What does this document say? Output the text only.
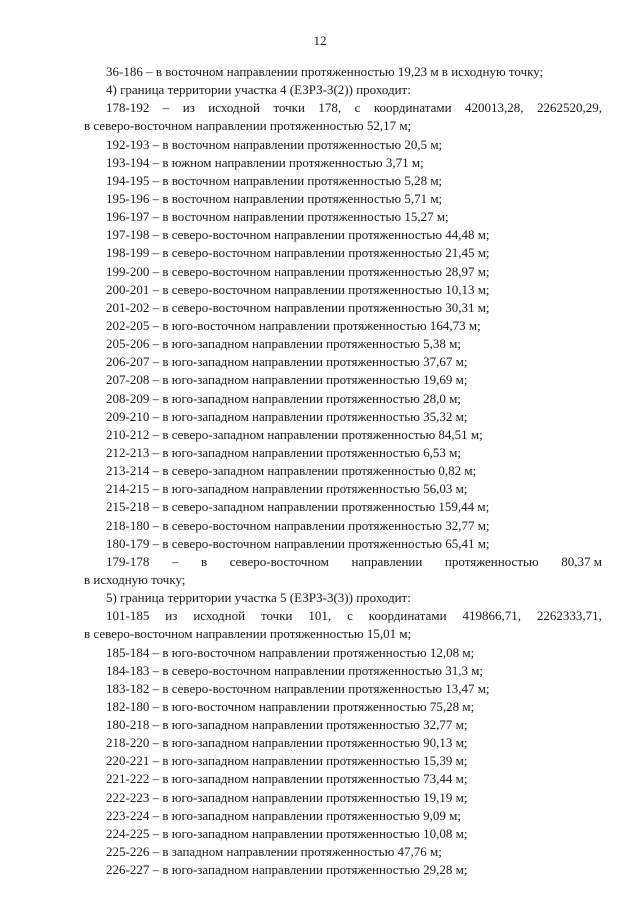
12
36-186 – в восточном направлении протяженностью 19,23 м в исходную точку;
4) граница территории участка 4 (ЕЗРЗ-3(2)) проходит:
178-192 – из исходной точки 178, с координатами 420013,28, 2262520,29,
в северо-восточном направлении протяженностью 52,17 м;
192-193 – в восточном направлении протяженностью 20,5 м;
193-194 – в южном направлении протяженностью 3,71 м;
194-195 – в восточном направлении протяженностью 5,28 м;
195-196 – в восточном направлении протяженностью 5,71 м;
196-197 – в восточном направлении протяженностью 15,27 м;
197-198 – в северо-восточном направлении протяженностью 44,48 м;
198-199 – в северо-восточном направлении протяженностью 21,45 м;
199-200 – в северо-восточном направлении протяженностью 28,97 м;
200-201 – в северо-восточном направлении протяженностью 10,13 м;
201-202 – в северо-восточном направлении протяженностью 30,31 м;
202-205 – в юго-восточном направлении протяженностью 164,73 м;
205-206 – в юго-западном направлении протяженностью 5,38 м;
206-207 – в юго-западном направлении протяженностью 37,67 м;
207-208 – в юго-западном направлении протяженностью 19,69 м;
208-209 – в юго-западном направлении протяженностью 28,0 м;
209-210 – в юго-западном направлении протяженностью 35,32 м;
210-212 – в северо-западном направлении протяженностью 84,51 м;
212-213 – в юго-западном направлении протяженностью 6,53 м;
213-214 – в северо-западном направлении протяженностью 0,82 м;
214-215 – в юго-западном направлении протяженностью 56,03 м;
215-218 – в северо-западном направлении протяженностью 159,44 м;
218-180 – в северо-восточном направлении протяженностью 32,77 м;
180-179 – в северо-восточном направлении протяженностью 65,41 м;
179-178 – в северо-восточном направлении протяженностью 80,37 м
в исходную точку;
5) граница территории участка 5 (ЕЗРЗ-3(3)) проходит:
101-185 из исходной точки 101, с координатами 419866,71, 2262333,71,
в северо-восточном направлении протяженностью 15,01 м;
185-184 – в юго-восточном направлении протяженностью 12,08 м;
184-183 – в северо-восточном направлении протяженностью 31,3 м;
183-182 – в северо-восточном направлении протяженностью 13,47 м;
182-180 – в юго-восточном направлении протяженностью 75,28 м;
180-218 – в юго-западном направлении протяженностью 32,77 м;
218-220 – в юго-западном направлении протяженностью 90,13 м;
220-221 – в юго-западном направлении протяженностью 15,39 м;
221-222 – в юго-западном направлении протяженностью 73,44 м;
222-223 – в юго-западном направлении протяженностью 19,19 м;
223-224 – в юго-западном направлении протяженностью 9,09 м;
224-225 – в юго-западном направлении протяженностью 10,08 м;
225-226 – в западном направлении протяженностью 47,76 м;
226-227 – в юго-западном направлении протяженностью 29,28 м;
